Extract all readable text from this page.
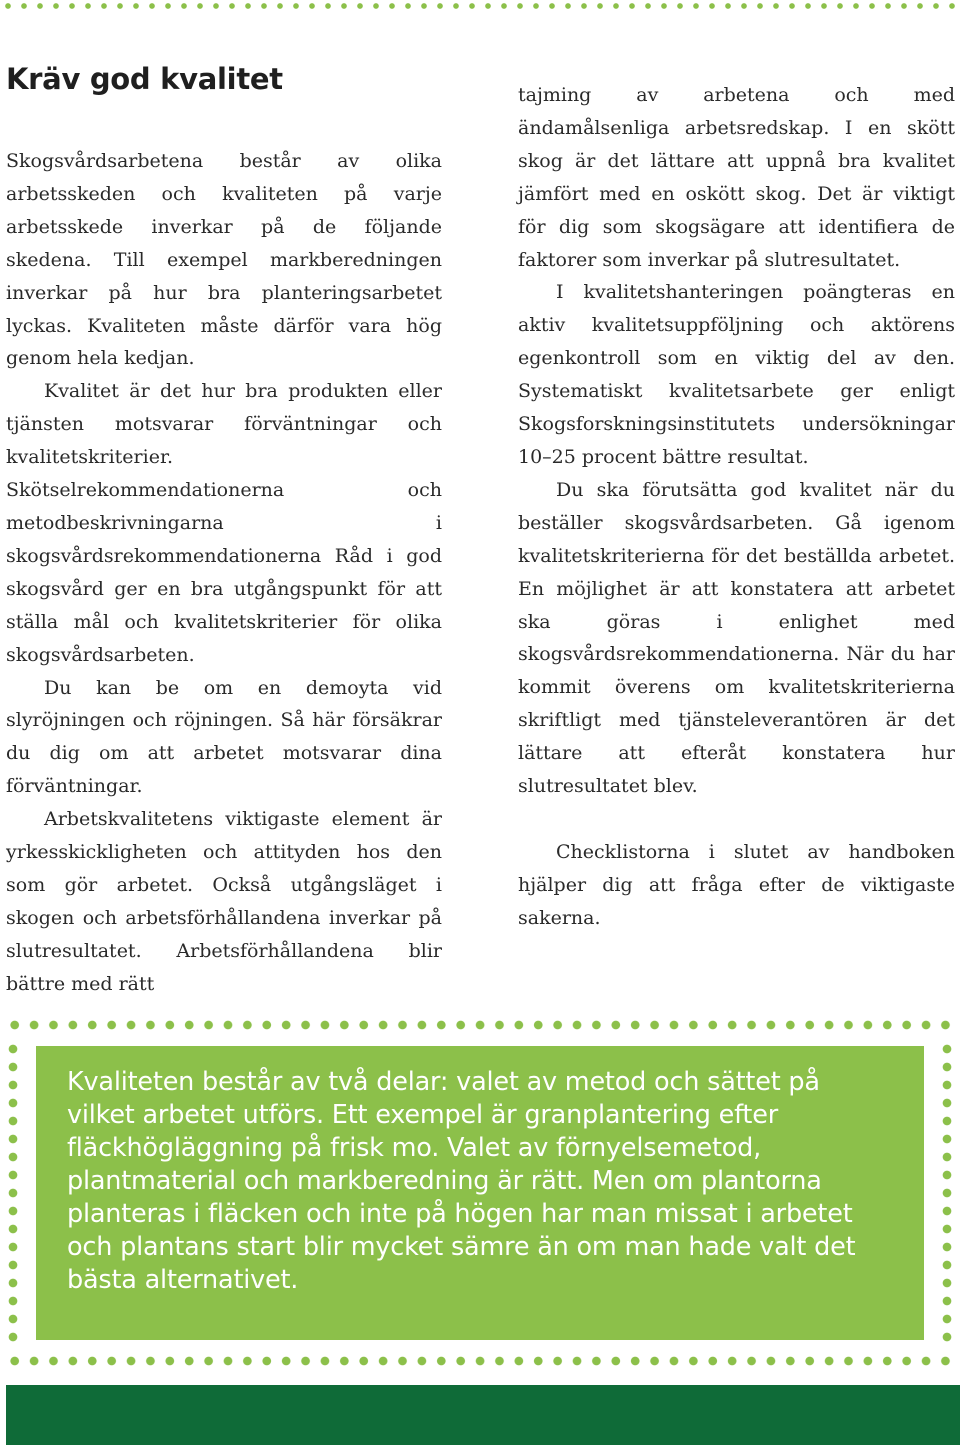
Kräv god kvalitet

Skogsvårdsarbetena består av olika arbetsskeden och kvaliteten på varje arbetsskede inverkar på de följande skedena. Till exempel markberedningen inverkar på hur bra planteringsarbetet lyckas. Kvaliteten måste därför vara hög genom hela kedjan.

Kvalitet är det hur bra produkten eller tjänsten motsvarar förväntningar och kvalitetskriterier. Skötselrekommendationerna och metodbeskrivningarna i skogsvårdsrekommendationerna Råd i god skogsvård ger en bra utgångspunkt för att ställa mål och kvalitetskriterier för olika skogsvårdsarbeten.

Du kan be om en demoyta vid slyröjningen och röjningen. Så här försäkrar du dig om att arbetet motsvarar dina förväntningar.

Arbetskvalitetens viktigaste element är yrkesskickligheten och attityden hos den som gör arbetet. Också utgångsläget i skogen och arbetsförhållandena inverkar på slutresultatet. Arbetsförhållandena blir bättre med rätt

tajming av arbetena och med ändamålsenliga arbetsredskap. I en skött skog är det lättare att uppnå bra kvalitet jämfört med en oskött skog. Det är viktigt för dig som skogsägare att identifiera de faktorer som inverkar på slutresultatet.

I kvalitetshanteringen poängteras en aktiv kvalitetsuppföljning och aktörens egenkontroll som en viktig del av den. Systematiskt kvalitetsarbete ger enligt Skogsforskningsinstitutets undersökningar 10–25 procent bättre resultat.

Du ska förutsätta god kvalitet när du beställer skogsvårdsarbeten. Gå igenom kvalitetskriterierna för det beställda arbetet. En möjlighet är att konstatera att arbetet ska göras i enlighet med skogsvårdsrekommendationerna. När du har kommit överens om kvalitetskriterierna skriftligt med tjänsteleverantören är det lättare att efteråt konstatera hur slutresultatet blev.

Checklistorna i slutet av handboken hjälper dig att fråga efter de viktigaste sakerna.

Kvaliteten består av två delar: valet av metod och sättet på vilket arbetet utförs. Ett exempel är granplantering efter fläckhögläggning på frisk mo. Valet av förnyelsemetod, plantmaterial och markberedning är rätt. Men om plantorna planteras i fläcken och inte på högen har man missat i arbetet och plantans start blir mycket sämre än om man hade valt det bästa alternativet.
